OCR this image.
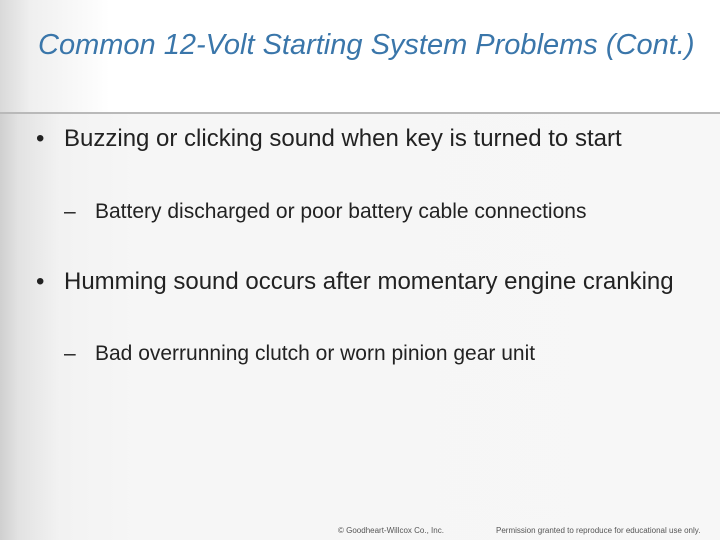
Common 12-Volt Starting System Problems (Cont.)
• Buzzing or clicking sound when key is turned to start
– Battery discharged or poor battery cable connections
• Humming sound occurs after momentary engine cranking
– Bad overrunning clutch or worn pinion gear unit
© Goodheart-Willcox Co., Inc.	Permission granted to reproduce for educational use only.
